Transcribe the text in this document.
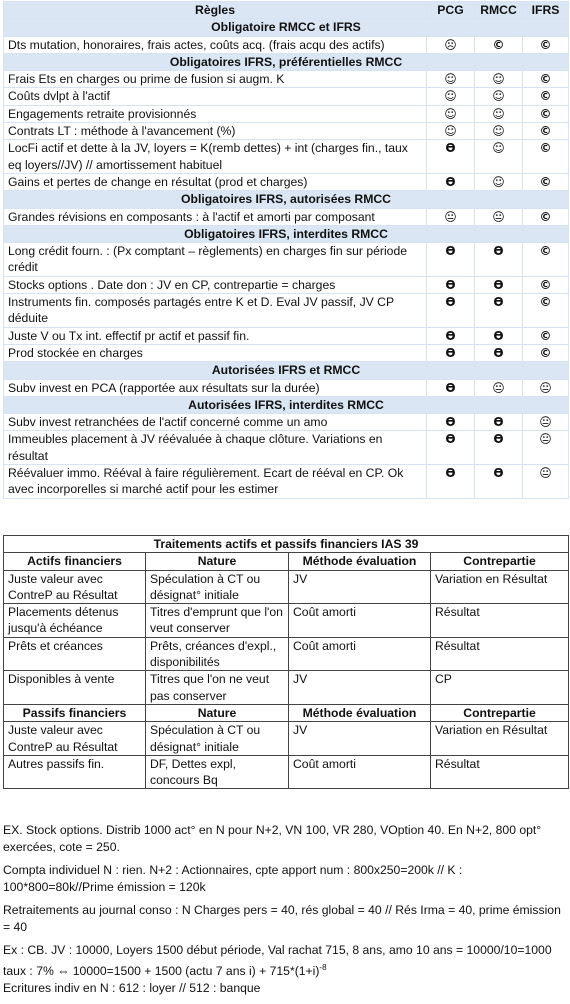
Règles	PCG	RMCC	IFRS
Obligatoire RMCC et IFRS			
Dts mutation, honoraires, frais actes, coûts acq. (frais acqu des actifs)	☹	©	©
Obligatoires IFRS, préférentielles RMCC			
Frais Ets en charges ou prime de fusion si augm. K	☺	☺	©
Coûts dvlpt à l'actif	☺	☺	©
Engagements retraite provisionnés	☺	☺	©
Contrats LT : méthode à l'avancement (%)	☺	☺	©
LocFi actif et dette à la JV, loyers = K(remb dettes) + int (charges fin., taux eq loyers//JV) // amortissement habituel	ϴ	☺	©
Gains et pertes de change en résultat (prod et charges)	ϴ	☺	©
Obligatoires IFRS, autorisées RMCC			
Grandes révisions en composants : à l'actif et amorti par composant	😐	😐	©
Obligatoires IFRS, interdites RMCC			
Long crédit fourn. : (Px comptant – règlements) en charges fin sur période crédit	ϴ	ϴ	©
Stocks options . Date don : JV en CP, contrepartie = charges	ϴ	ϴ	©
Instruments fin. composés partagés entre K et D. Eval JV passif, JV CP déduite	ϴ	ϴ	©
Juste V ou Tx int. effectif pr actif et passif fin.	ϴ	ϴ	©
Prod stockée en charges	ϴ	ϴ	©
Autorisées IFRS et RMCC			
Subv invest en PCA (rapportée aux résultats sur la durée)	ϴ	😐	😐
Autorisées IFRS, interdites RMCC			
Subv invest retranchées de l'actif concerné comme un amo	ϴ	ϴ	😐
Immeubles placement à JV réévaluée à chaque clôture. Variations en résultat	ϴ	ϴ	😐
Réévaluer immo. Rééval à faire régulièrement. Ecart de rééval en CP. Ok avec incorporelles si marché actif pour les estimer	ϴ	ϴ	😐
Traitements actifs et passifs financiers IAS 39			
Actifs financiers	Nature	Méthode évaluation	Contrepartie
Juste valeur avec ContreP au Résultat	Spéculation à CT ou désignat° initiale	JV	Variation en Résultat
Placements détenus jusqu'à échéance	Titres d'emprunt que l'on veut conserver	Coût amorti	Résultat
Prêts et créances	Prêts, créances d'expl., disponibilités	Coût amorti	Résultat
Disponibles à vente	Titres que l'on ne veut pas conserver	JV	CP
Passifs financiers	Nature	Méthode évaluation	Contrepartie
Juste valeur avec ContreP au Résultat	Spéculation à CT ou désignat° initiale	JV	Variation en Résultat
Autres passifs fin.	DF, Dettes expl, concours Bq	Coût amorti	Résultat

EX. Stock options. Distrib 1000 act° en N pour N+2, VN 100, VR 280, VOption 40. En N+2, 800 opt° exercées, cote = 250.

Compta individuel N : rien. N+2 : Actionnaires, cpte apport num : 800x250=200k // K : 100*800=80k//Prime émission = 120k

Retraitements au journal conso : N Charges pers = 40, rés global = 40 // Rés Irma = 40, prime émission = 40

Ex : CB. JV : 10000, Loyers 1500 début période, Val rachat 715, 8 ans, amo 10 ans = 10000/10=1000 taux : 7% ⇔ 10000=1500 + 1500 (actu 7 ans $i) + 715*(1+i)^{-8}$

Ecritures indiv en N : 612 : loyer // 512 : banque
